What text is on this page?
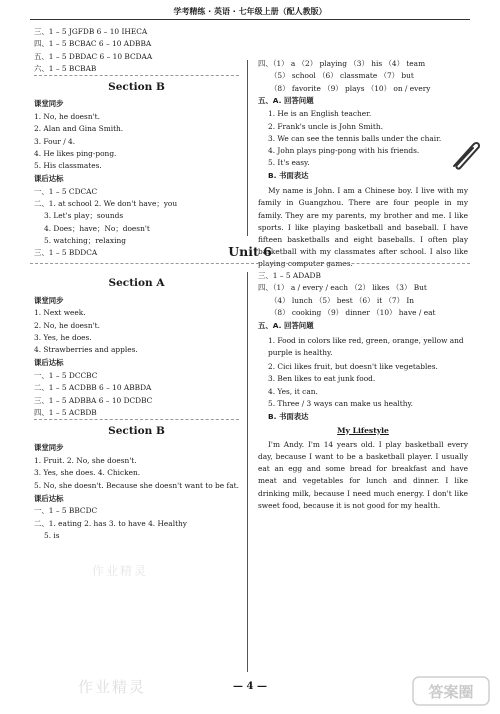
学考精练 · 英语 · 七年级上册（配人教版）
三、1 – 5 JGFDB 6 – 10 IHECA
四、1 – 5 BCBAC 6 – 10 ADBBA
五、1 – 5 DBDAC 6 – 10 BCDAA
六、1 – 5 BCBAB
Section B
课堂同步
1. No, he doesn't.
2. Alan and Gina Smith.
3. Four / 4.
4. He likes ping-pong.
5. His classmates.
课后达标
一、1 – 5 CDCAC
二、1. at school 2. We don't have；you
3. Let's play；sounds
4. Does；have；No；doesn't
5. watching；relaxing
三、1 – 5 BDDCA
四、（1） a （2） playing （3） his （4） team
（5） school （6） classmate （7） but
（8） favorite （9） plays （10） on / every
五、A. 回答问题
1. He is an English teacher.
2. Frank's uncle is John Smith.
3. We can see the tennis balls under the chair.
4. John plays ping-pong with his friends.
5. It's easy.
B. 书面表达

My name is John. I am a Chinese boy. I live with my family in Guangzhou. There are four people in my family. They are my parents, my brother and me. I like sports. I like playing basketball and baseball. I have fifteen basketballs and eight baseballs. I often play basketball with my classmates after school. I also like playing computer games.

Unit 6
Section A
课堂同步
1. Next week.
2. No, he doesn't.
3. Yes, he does.
4. Strawberries and apples.
课后达标
一、1 – 5 DCCBC
二、1 – 5 ACDBB 6 – 10 ABBDA
三、1 – 5 ADBBA 6 – 10 DCDBC
四、1 – 5 ACBDB
Section B
课堂同步
1. Fruit. 2. No, she doesn't.
3. Yes, she does. 4. Chicken.
5. No, she doesn't. Because she doesn't want to be fat.
课后达标
一、1 – 5 BBCDC
二、1. eating 2. has 3. to have 4. Healthy
5. is
三、1 – 5 ADADB
四、（1） a / every / each （2） likes （3） But
（4） lunch （5） best （6） it （7） In
（8） cooking （9） dinner （10） have / eat
五、A. 回答问题
1. Food in colors like red, green, orange, yellow and purple is healthy.
2. Cici likes fruit, but doesn't like vegetables.
3. Ben likes to eat junk food.
4. Yes, it can.
5. Three / 3 ways can make us healthy.
B. 书面表达
My Lifestyle

I'm Andy. I'm 14 years old. I play basketball every day, because I want to be a basketball player. I usually eat an egg and some bread for breakfast and have meat and vegetables for lunch and dinner. I like drinking milk, because I need much energy. I don't like sweet food, because it is not good for my health.

作业精灵
作业精灵	— 4 —	答案圈
